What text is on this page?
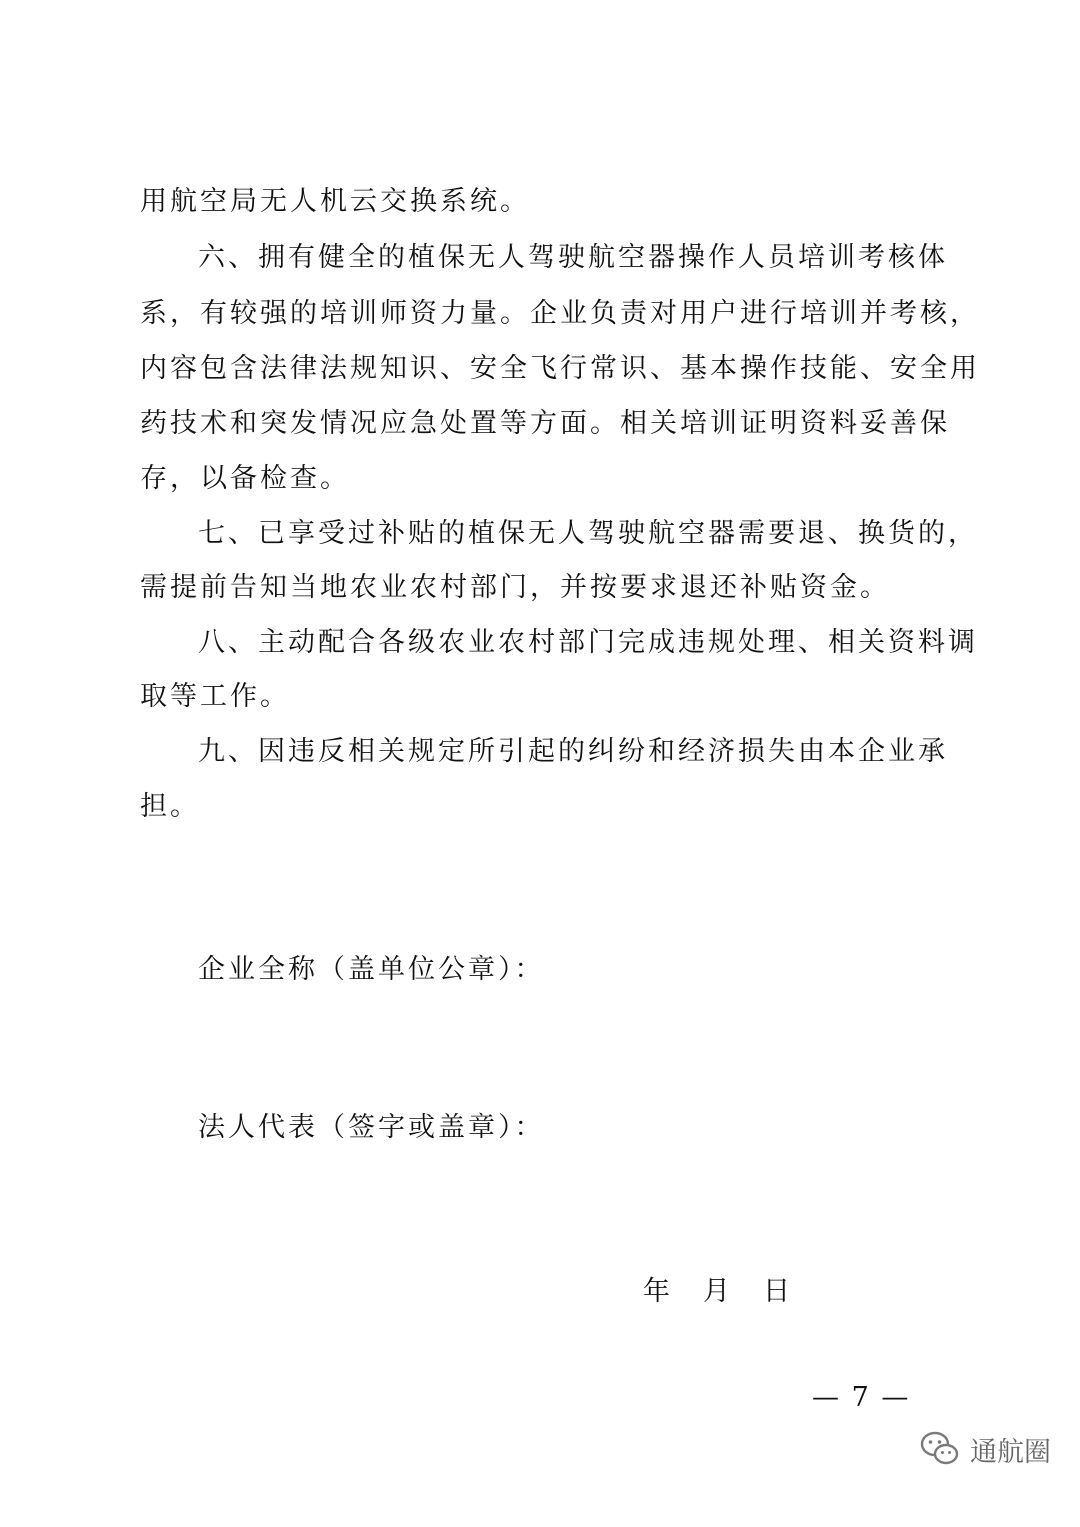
用航空局无人机云交换系统。
六、拥有健全的植保无人驾驶航空器操作人员培训考核体
系，有较强的培训师资力量。企业负责对用户进行培训并考核，
内容包含法律法规知识、安全飞行常识、基本操作技能、安全用
药技术和突发情况应急处置等方面。相关培训证明资料妥善保
存，以备检查。
七、已享受过补贴的植保无人驾驶航空器需要退、换货的，
需提前告知当地农业农村部门，并按要求退还补贴资金。
八、主动配合各级农业农村部门完成违规处理、相关资料调
取等工作。
九、因违反相关规定所引起的纠纷和经济损失由本企业承
担。
企业全称（盖单位公章）：
法人代表（签字或盖章）：
年 月 日
— 7 —
通航圈
